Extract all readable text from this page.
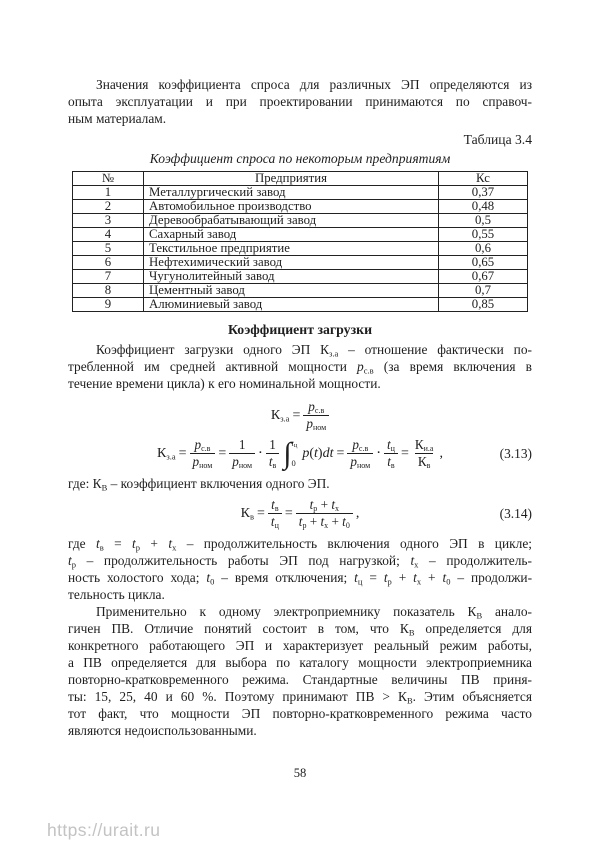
Значения коэффициента спроса для различных ЭП определяются из
опыта эксплуатации и при проектировании принимаются по справоч-
ным материалам.
Таблица 3.4
Коэффициент спроса по некоторым предприятиям
№	Предприятия	Кс
1	Металлургический завод	0,37
2	Автомобильное производство	0,48
3	Деревообрабатывающий завод	0,5
4	Сахарный завод	0,55
5	Текстильное предприятие	0,6
6	Нефтехимический завод	0,65
7	Чугунолитейный завод	0,67
8	Цементный завод	0,7
9	Алюминиевый завод	0,85
Коэффициент загрузки
Коэффициент загрузки одного ЭП $К_{з.а}$ – отношение фактически по-
требленной им средней активной мощности $p_{с.в}$ (за время включения в
течение времени цикла) к его номинальной мощности.
$К_{з.а} = \frac{p_{с.в}}{p_{ном}}$
$К_{з.а} = \frac{p_{с.в}}{p_{ном}} = \frac{1}{p_{ном}} \cdot \frac{1}{t_в}$ ∫ $t_ц$
0
$p(t)dt = \frac{p_{с.в}}{p_{ном}} \cdot \frac{t_ц}{t_в} = \frac{К_{и.а}}{К_в}$ ,	(3.13)
где: $К_В$ – коэффициент включения одного ЭП.
$К_в = \frac{t_в}{t_ц} = \frac{t_р + t_х}{t_р + t_х + t_0}$ ,	(3.14)
где $t_в = t_р + t_х$ – продолжительность включения одного ЭП в цикле;
$t_р$ – продолжительность работы ЭП под нагрузкой; $t_х$ – продолжитель-
ность холостого хода; $t_0$ – время отключения; $t_ц = t_р + t_х + t_0$ – продолжи-
тельность цикла.
Применительно к одному электроприемнику показатель $К_В$ анало-
гичен ПВ. Отличие понятий состоит в том, что $К_В$ определяется для
конкретного работающего ЭП и характеризует реальный режим работы,
а ПВ определяется для выбора по каталогу мощности электроприемника
повторно-кратковременного режима. Стандартные величины ПВ приня-
ты: 15, 25, 40 и 60 %. Поэтому принимают ПВ > $К_В$. Этим объясняется
тот факт, что мощности ЭП повторно-кратковременного режима часто
являются недоиспользованными.
58
https://urait.ru
